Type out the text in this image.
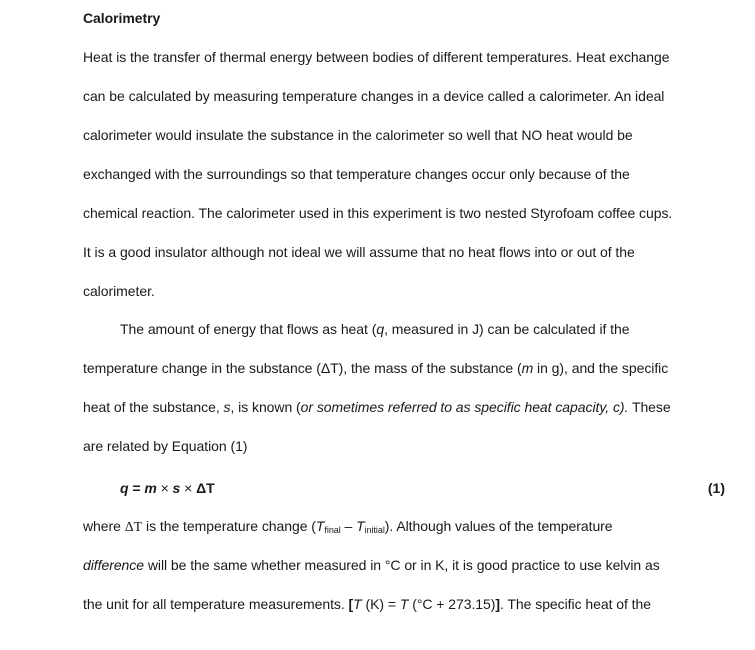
Calorimetry
Heat is the transfer of thermal energy between bodies of different temperatures. Heat exchange
can be calculated by measuring temperature changes in a device called a calorimeter. An ideal
calorimeter would insulate the substance in the calorimeter so well that NO heat would be
exchanged with the surroundings so that temperature changes occur only because of the
chemical reaction. The calorimeter used in this experiment is two nested Styrofoam coffee cups.
It is a good insulator although not ideal we will assume that no heat flows into or out of the
calorimeter.
The amount of energy that flows as heat (q, measured in J) can be calculated if the
temperature change in the substance (ΔT), the mass of the substance (m in g), and the specific
heat of the substance, s, is known (or sometimes referred to as specific heat capacity, c). These
are related by Equation (1)
q = m × s × ΔT	(1)
where ΔT is the temperature change $(T_{final} - T_{initial})$. Although values of the temperature
difference will be the same whether measured in °C or in K, it is good practice to use kelvin as
the unit for all temperature measurements. [T (K) = T (°C + 273.15)]. The specific heat of the
